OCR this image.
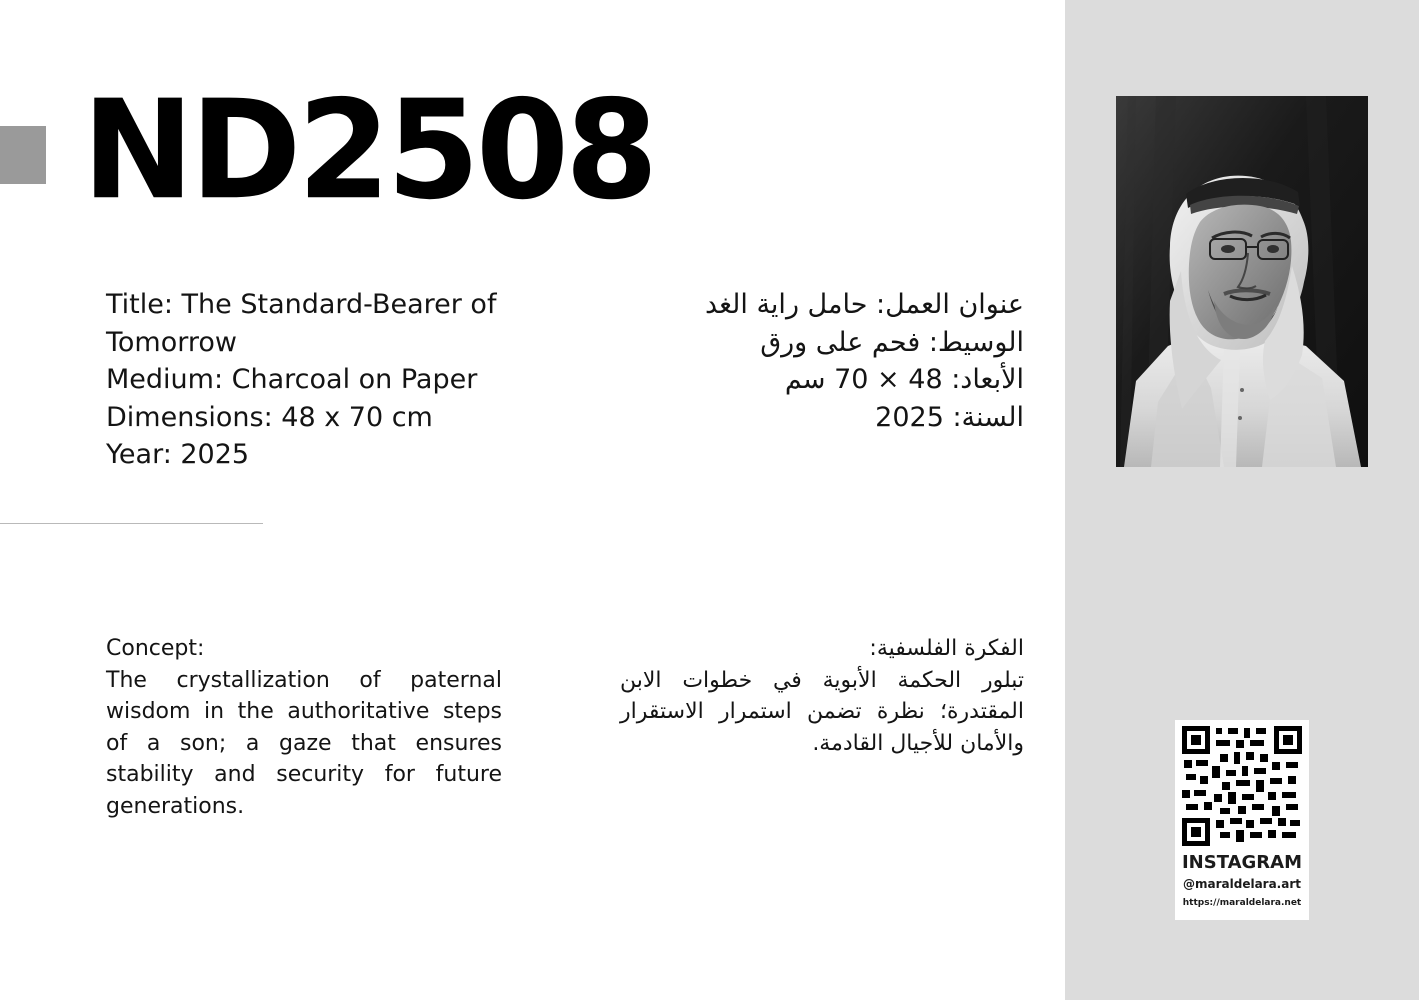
ND2508
Title: The Standard-Bearer of Tomorrow
Medium: Charcoal on Paper
Dimensions: 48 x 70 cm
Year: 2025
عنوان العمل: حامل راية الغد
الوسيط: فحم على ورق
الأبعاد: 48 × 70 سم
السنة: 2025
Concept:
The crystallization of paternal wisdom in the authoritative steps of a son; a gaze that ensures stability and security for future generations.
الفكرة الفلسفية:
تبلور الحكمة الأبوية في خطوات الابن المقتدرة؛ نظرة تضمن استمرار الاستقرار والأمان للأجيال القادمة.
INSTAGRAM
@maraldelara.art
https://maraldelara.net
